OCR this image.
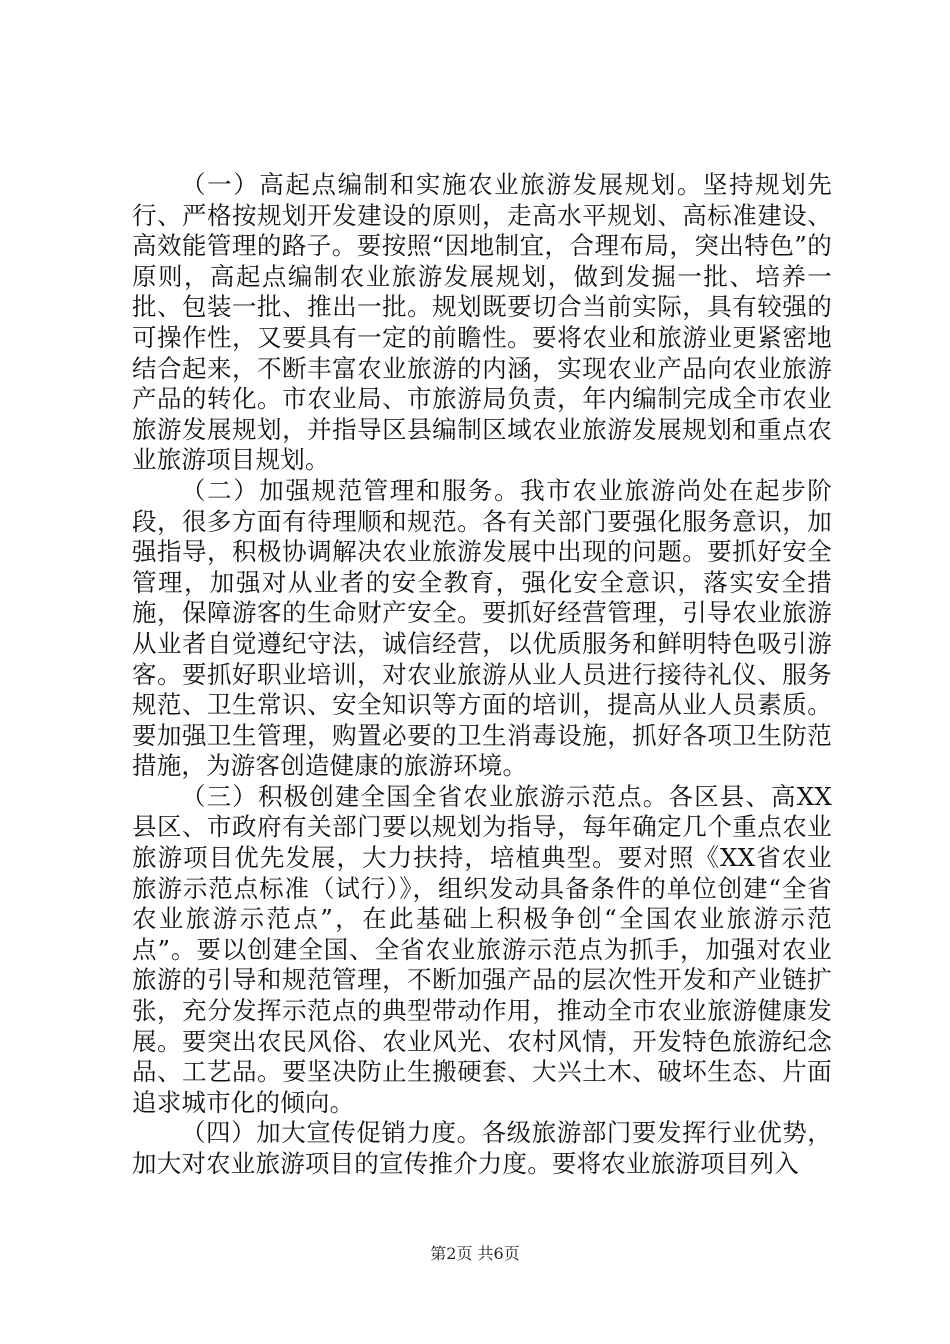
（一）高起点编制和实施农业旅游发展规划。坚持规划先行、严格按规划开发建设的原则，走高水平规划、高标准建设、高效能管理的路子。要按照“因地制宜，合理布局，突出特色”的原则，高起点编制农业旅游发展规划，做到发掘一批、培养一批、包装一批、推出一批。规划既要切合当前实际，具有较强的可操作性，又要具有一定的前瞻性。要将农业和旅游业更紧密地结合起来，不断丰富农业旅游的内涵，实现农业产品向农业旅游产品的转化。市农业局、市旅游局负责，年内编制完成全市农业旅游发展规划，并指导区县编制区域农业旅游发展规划和重点农业旅游项目规划。

（二）加强规范管理和服务。我市农业旅游尚处在起步阶段，很多方面有待理顺和规范。各有关部门要强化服务意识，加强指导，积极协调解决农业旅游发展中出现的问题。要抓好安全管理，加强对从业者的安全教育，强化安全意识，落实安全措施，保障游客的生命财产安全。要抓好经营管理，引导农业旅游从业者自觉遵纪守法，诚信经营，以优质服务和鲜明特色吸引游客。要抓好职业培训，对农业旅游从业人员进行接待礼仪、服务规范、卫生常识、安全知识等方面的培训，提高从业人员素质。要加强卫生管理，购置必要的卫生消毒设施，抓好各项卫生防范措施，为游客创造健康的旅游环境。

（三）积极创建全国全省农业旅游示范点。各区县、高XX县区、市政府有关部门要以规划为指导，每年确定几个重点农业旅游项目优先发展，大力扶持，培植典型。要对照《XX省农业旅游示范点标准（试行）》，组织发动具备条件的单位创建“全省农业旅游示范点”，在此基础上积极争创“全国农业旅游示范点”。要以创建全国、全省农业旅游示范点为抓手，加强对农业旅游的引导和规范管理，不断加强产品的层次性开发和产业链扩张，充分发挥示范点的典型带动作用，推动全市农业旅游健康发展。要突出农民风俗、农业风光、农村风情，开发特色旅游纪念品、工艺品。要坚决防止生搬硬套、大兴土木、破坏生态、片面追求城市化的倾向。

（四）加大宣传促销力度。各级旅游部门要发挥行业优势，加大对农业旅游项目的宣传推介力度。要将农业旅游项目列入

第2页 共6页
